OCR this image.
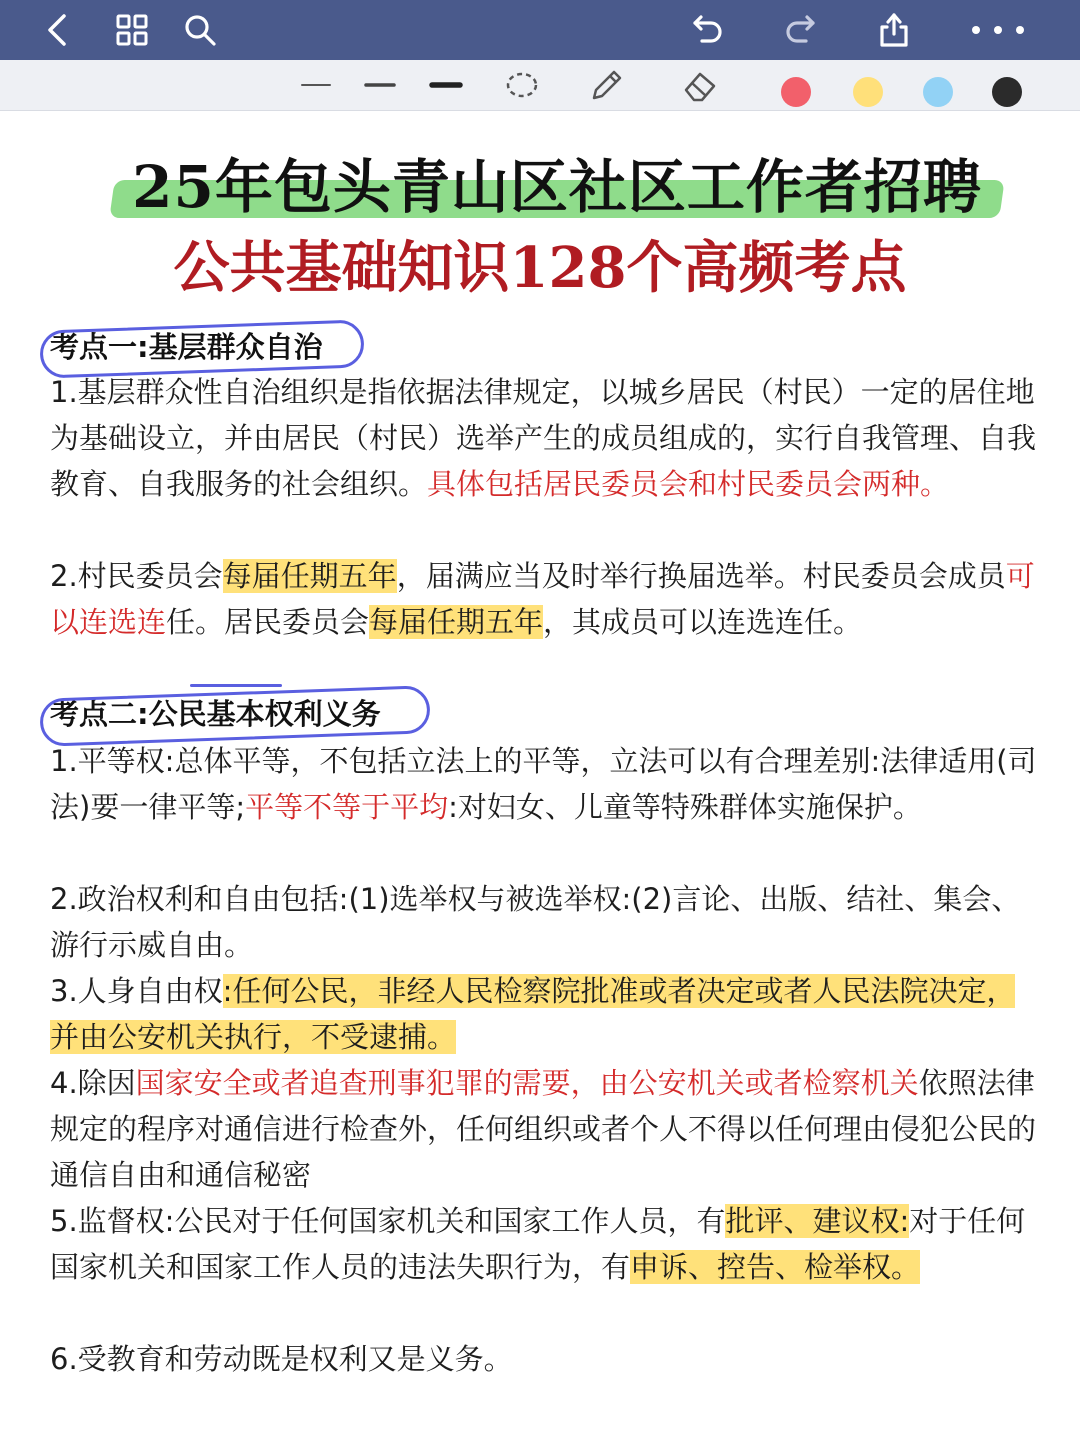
25年包头青山区社区工作者招聘
公共基础知识128个高频考点
考点一:基层群众自治
1.基层群众性自治组织是指依据法律规定，以城乡居民（村民）一定的居住地为基础设立，并由居民（村民）选举产生的成员组成的，实行自我管理、自我教育、自我服务的社会组织。具体包括居民委员会和村民委员会两种。
2.村民委员会每届任期五年，届满应当及时举行换届选举。村民委员会成员可以连选连任。居民委员会每届任期五年，其成员可以连选连任。
考点二:公民基本权利义务
1.平等权:总体平等，不包括立法上的平等，立法可以有合理差别:法律适用(司法)要一律平等;平等不等于平均:对妇女、儿童等特殊群体实施保护。
2.政治权利和自由包括:(1)选举权与被选举权:(2)言论、出版、结社、集会、游行示威自由。
3.人身自由权:任何公民，非经人民检察院批准或者决定或者人民法院决定，并由公安机关执行，不受逮捕。
4.除因国家安全或者追查刑事犯罪的需要，由公安机关或者检察机关依照法律规定的程序对通信进行检查外，任何组织或者个人不得以任何理由侵犯公民的通信自由和通信秘密
5.监督权:公民对于任何国家机关和国家工作人员，有批评、建议权:对于任何国家机关和国家工作人员的违法失职行为，有申诉、控告、检举权。
6.受教育和劳动既是权利又是义务。
